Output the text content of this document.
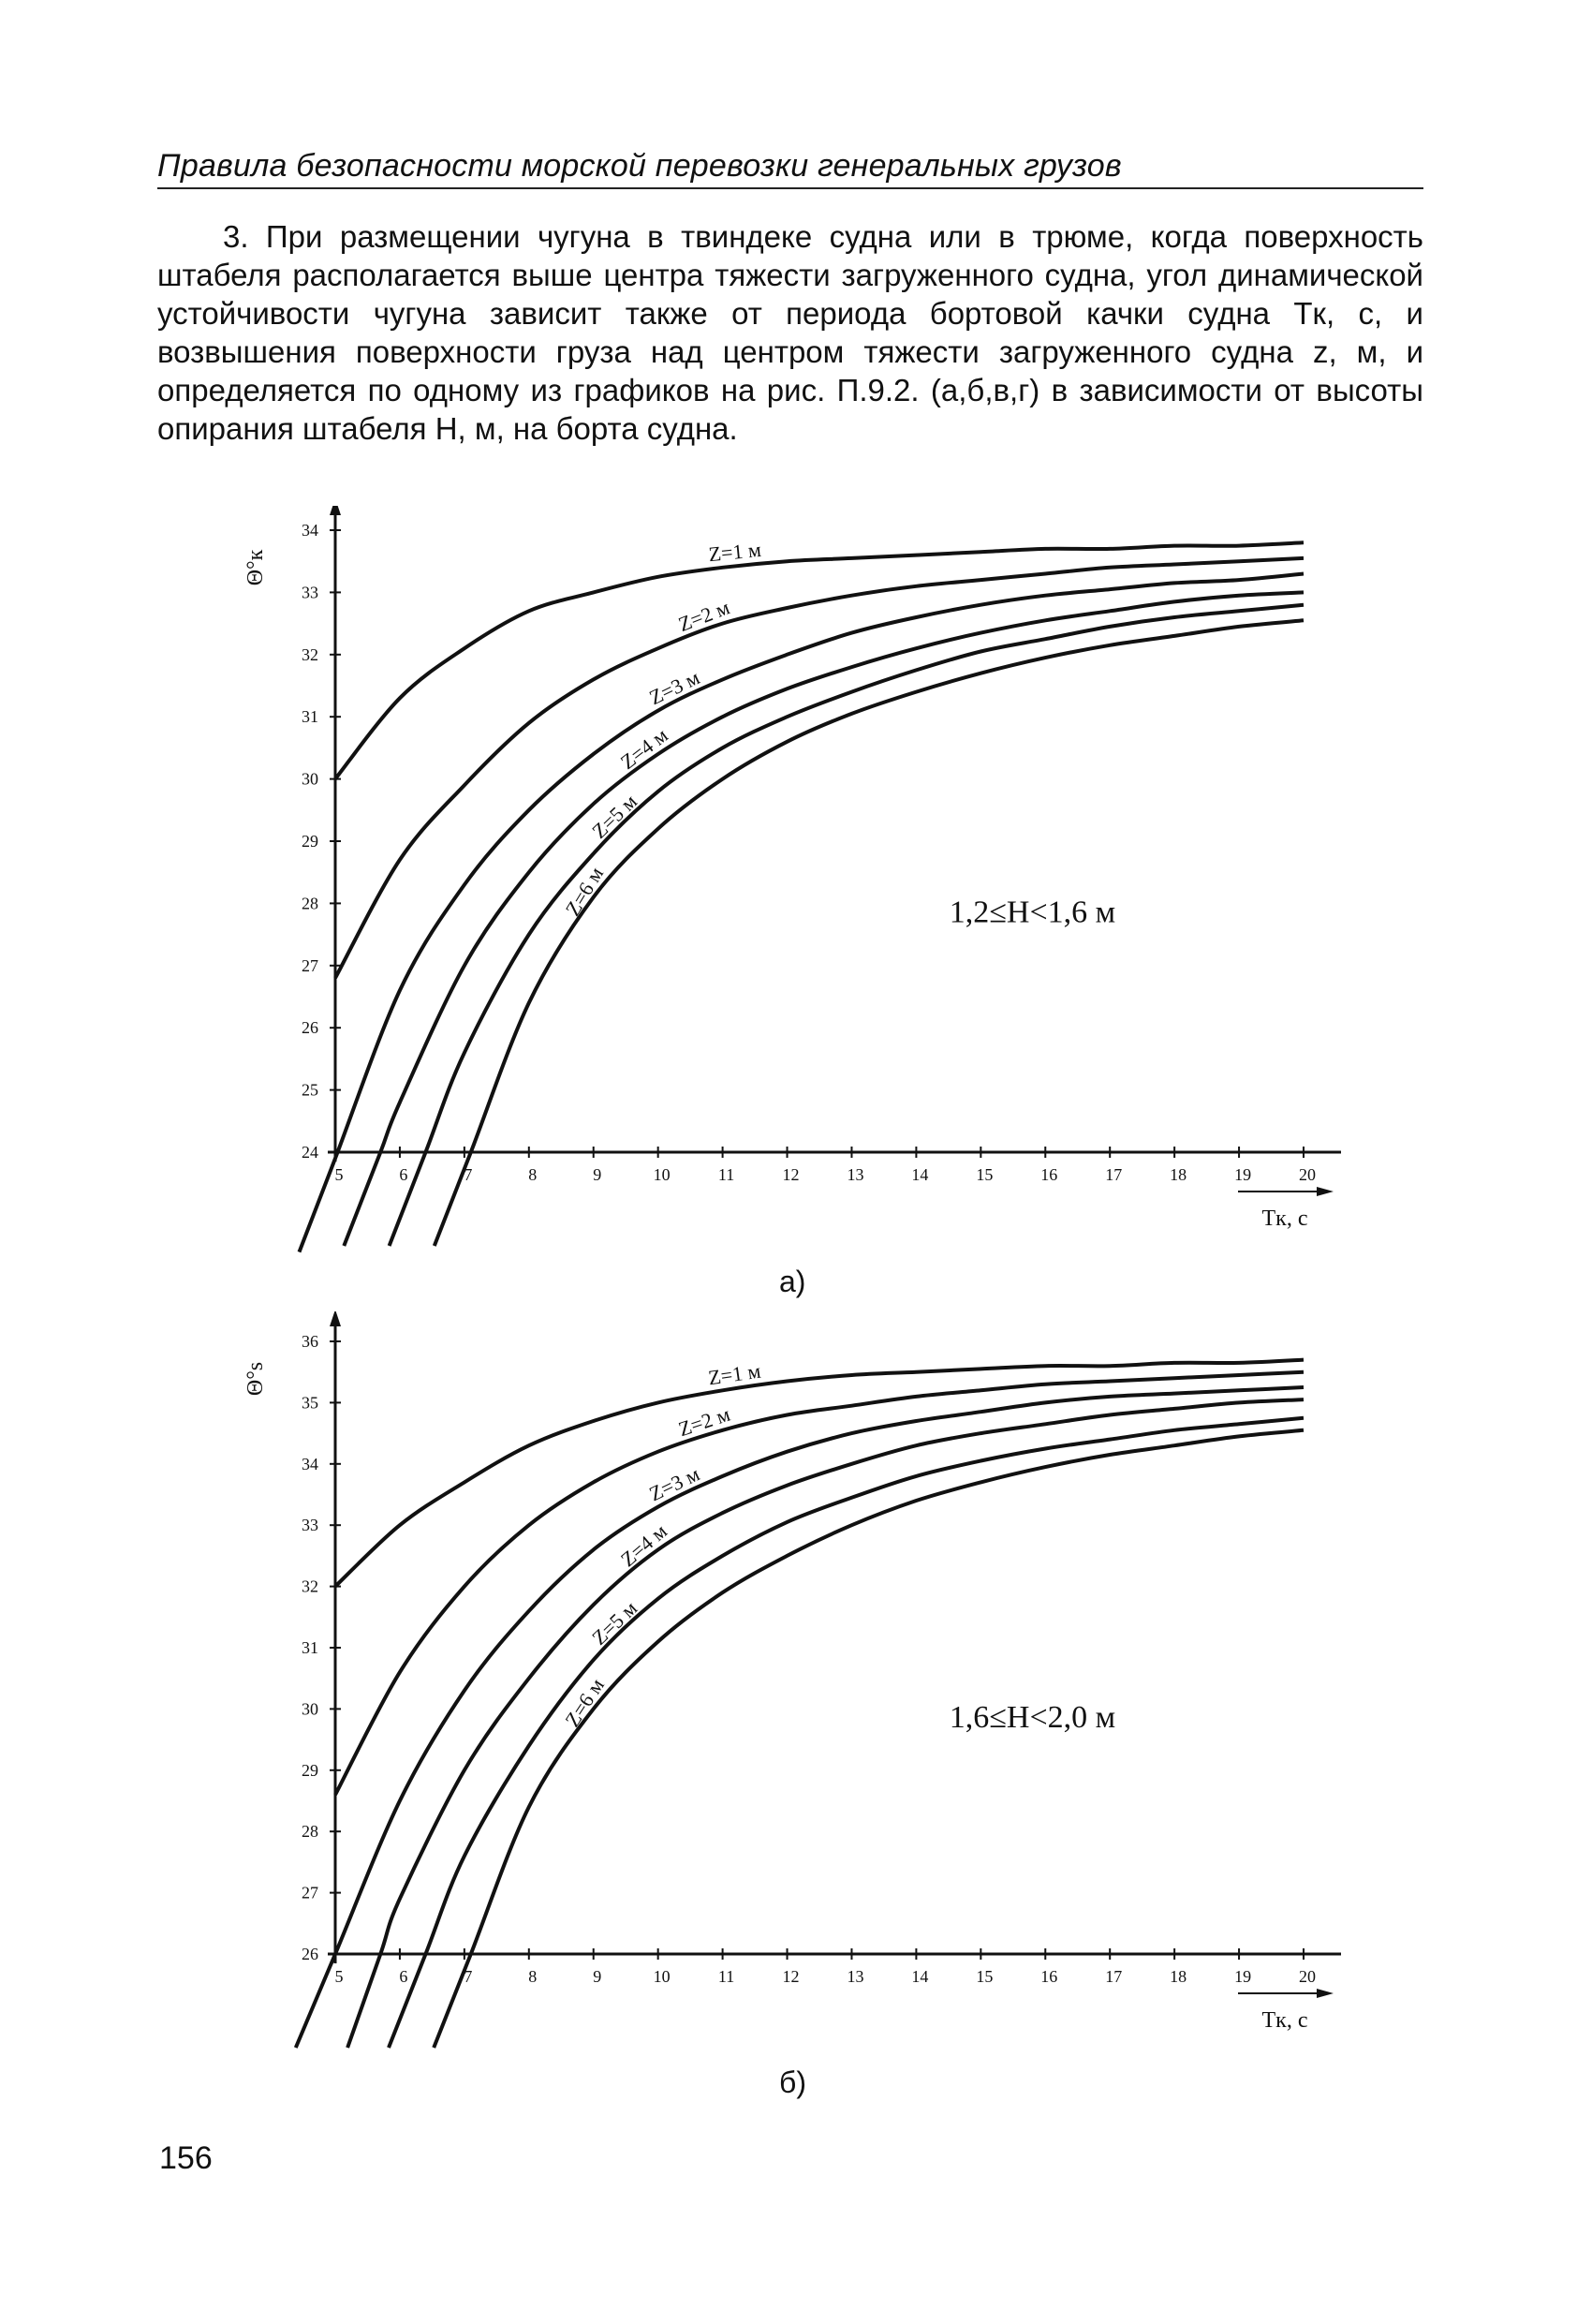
Правила безопасности морской перевозки генеральных грузов

3. При размещении чугуна в твиндеке судна или в трюме, когда поверхность штабеля располагается выше центра тяжести загруженного судна, угол динамической устойчивости чугуна зависит также от периода бортовой качки судна Tк, с, и возвышения поверхности груза над центром тяжести загруженного судна z, м, и определяется по одному из графиков на рис. П.9.2. (а,б,в,г) в зависимости от высоты опирания штабеля H, м, на борта судна.

24
25
26
27
28
29
30
31
32
33
34
5	6	7	8	9	10	11	12	13	14	15	16	17	18	19	20
Θ°к
Tк, с
Z=1 м
Z=2 м
Z=3 м
Z=4 м
Z=5 м
Z=6 м	1,2≤H<1,6 м
а)
26
27
28
29
30
31
32
33
34
35
36
5	6	7	8	9	10	11	12	13	14	15	16	17	18	19	20
Θ°s
Tк, с
Z=1 м
Z=2 м
Z=3 м
Z=4 м
Z=5 м
Z=6 м	1,6≤H<2,0 м
б)
156
